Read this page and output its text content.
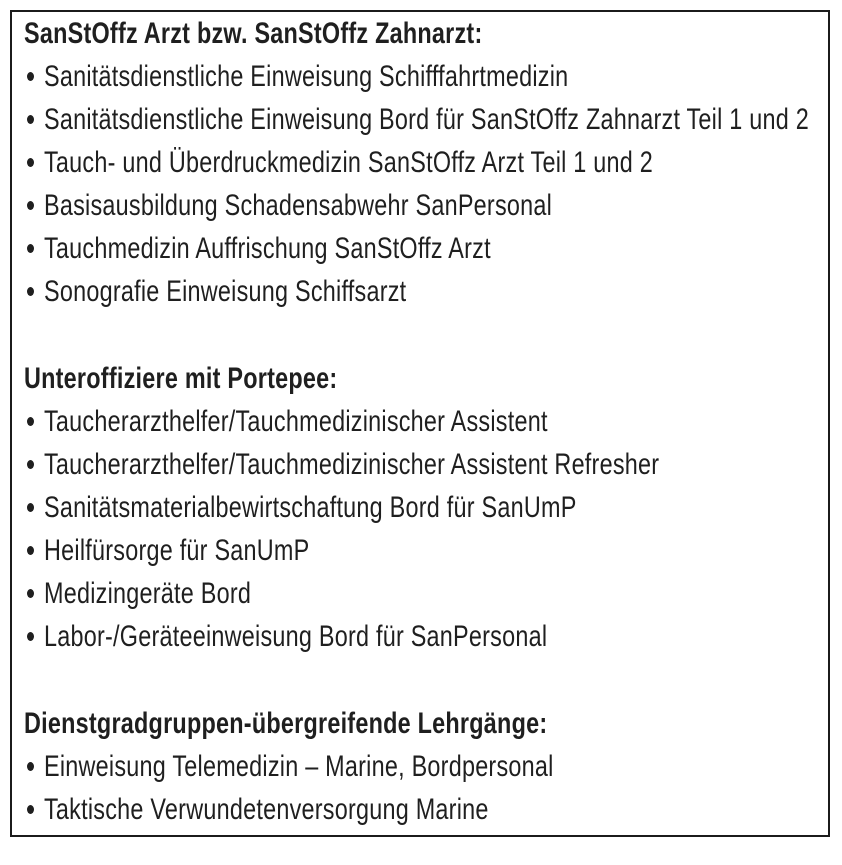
SanStOffz Arzt bzw. SanStOffz Zahnarzt:
Sanitätsdienstliche Einweisung Schifffahrtmedizin
Sanitätsdienstliche Einweisung Bord für SanStOffz Zahnarzt Teil 1 und 2
Tauch- und Überdruckmedizin SanStOffz Arzt Teil 1 und 2
Basisausbildung Schadensabwehr SanPersonal
Tauchmedizin Auffrischung SanStOffz Arzt
Sonografie Einweisung Schiffsarzt
Unteroffiziere mit Portepee:
Taucherarzthelfer/Tauchmedizinischer Assistent
Taucherarzthelfer/Tauchmedizinischer Assistent Refresher
Sanitätsmaterialbewirtschaftung Bord für SanUmP
Heilfürsorge für SanUmP
Medizingeräte Bord
Labor-/Geräteeinweisung Bord für SanPersonal
Dienstgradgruppen-übergreifende Lehrgänge:
Einweisung Telemedizin – Marine, Bordpersonal
Taktische Verwundetenversorgung Marine
